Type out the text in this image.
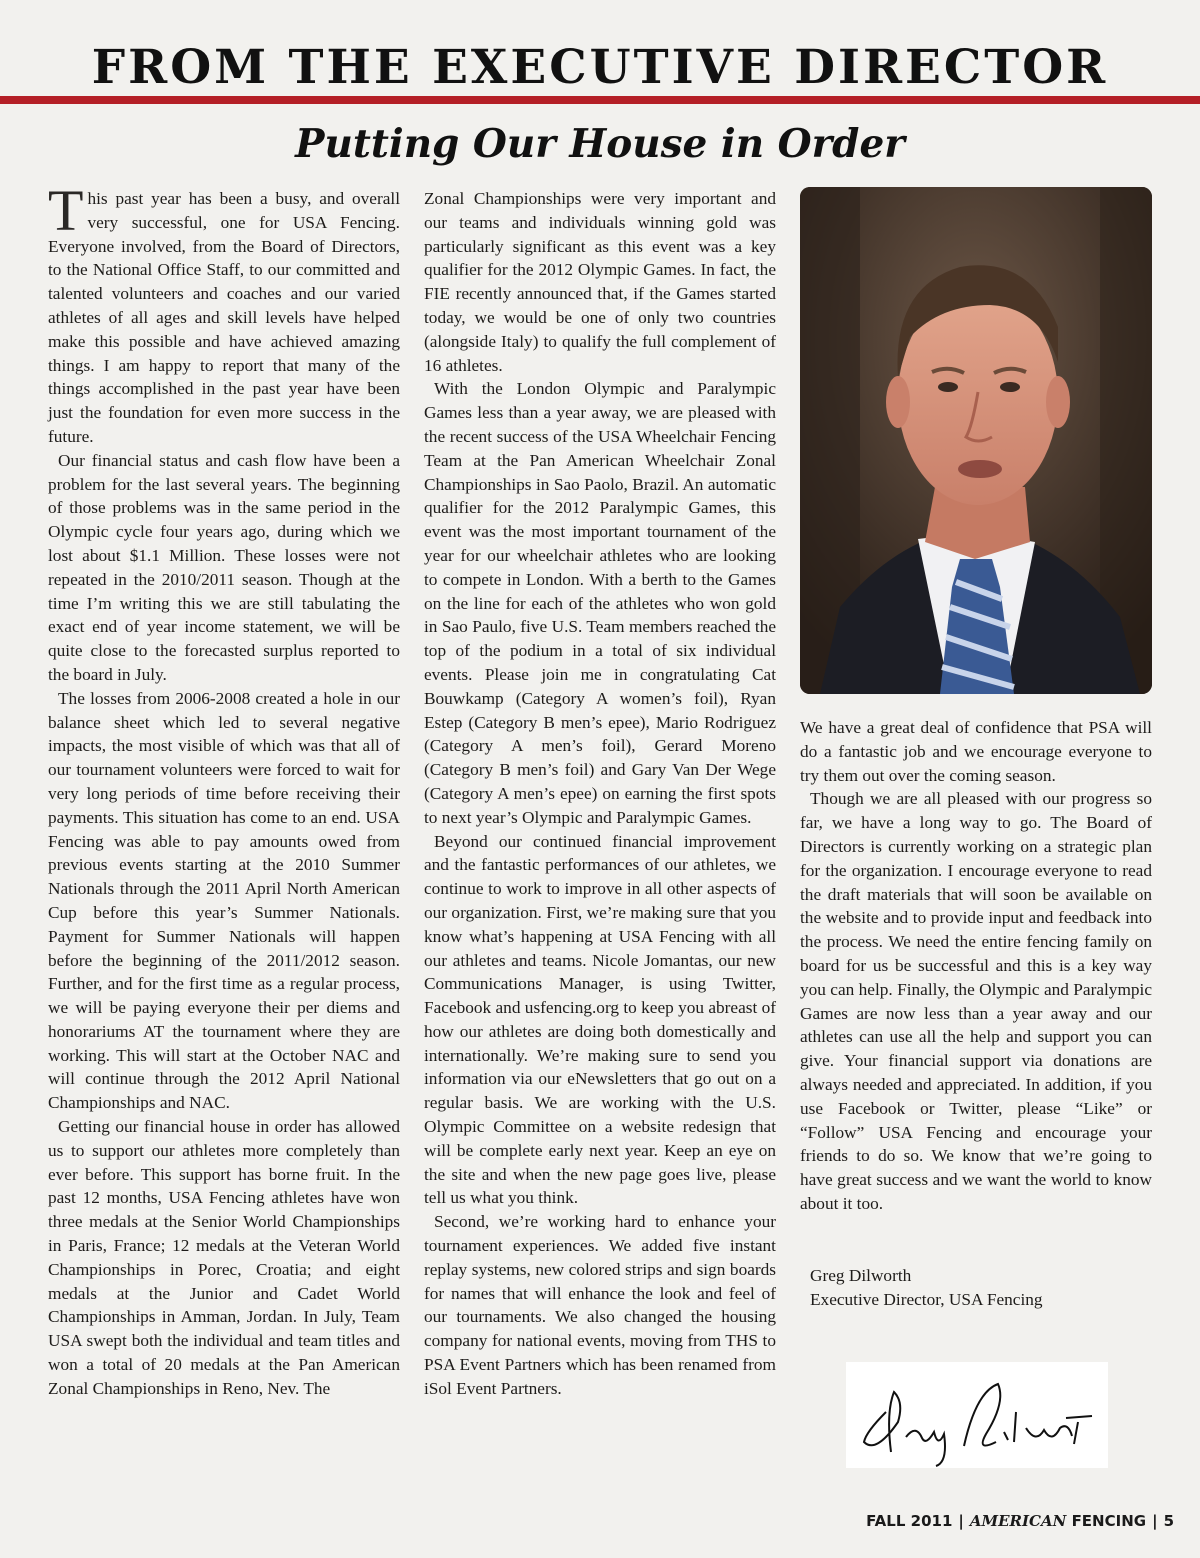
FROM THE EXECUTIVE DIRECTOR
Putting Our House in Order

This past year has been a busy, and overall very successful, one for USA Fencing. Everyone involved, from the Board of Directors, to the National Office Staff, to our committed and talented volunteers and coaches and our varied athletes of all ages and skill levels have helped make this possible and have achieved amazing things. I am happy to report that many of the things accomplished in the past year have been just the foundation for even more success in the future.

Our financial status and cash flow have been a problem for the last several years. The beginning of those problems was in the same period in the Olympic cycle four years ago, during which we lost about $1.1 Million. These losses were not repeated in the 2010/2011 season. Though at the time I’m writing this we are still tabulating the exact end of year income statement, we will be quite close to the forecasted surplus reported to the board in July.

The losses from 2006-2008 created a hole in our balance sheet which led to several negative impacts, the most visible of which was that all of our tournament volunteers were forced to wait for very long periods of time before receiving their payments. This situation has come to an end. USA Fencing was able to pay amounts owed from previous events starting at the 2010 Summer Nationals through the 2011 April North American Cup before this year’s Summer Nationals. Payment for Summer Nationals will happen before the beginning of the 2011/2012 season. Further, and for the first time as a regular process, we will be paying everyone their per diems and honorariums AT the tournament where they are working. This will start at the October NAC and will continue through the 2012 April National Championships and NAC.

Getting our financial house in order has allowed us to support our athletes more completely than ever before. This support has borne fruit. In the past 12 months, USA Fencing athletes have won three medals at the Senior World Championships in Paris, France; 12 medals at the Veteran World Championships in Porec, Croatia; and eight medals at the Junior and Cadet World Championships in Amman, Jordan. In July, Team USA swept both the individual and team titles and won a total of 20 medals at the Pan American Zonal Championships in Reno, Nev. The

Zonal Championships were very important and our teams and individuals winning gold was particularly significant as this event was a key qualifier for the 2012 Olympic Games. In fact, the FIE recently announced that, if the Games started today, we would be one of only two countries (alongside Italy) to qualify the full complement of 16 athletes.

With the London Olympic and Paralympic Games less than a year away, we are pleased with the recent success of the USA Wheelchair Fencing Team at the Pan American Wheelchair Zonal Championships in Sao Paolo, Brazil. An automatic qualifier for the 2012 Paralympic Games, this event was the most important tournament of the year for our wheelchair athletes who are looking to compete in London. With a berth to the Games on the line for each of the athletes who won gold in Sao Paulo, five U.S. Team members reached the top of the podium in a total of six individual events. Please join me in congratulating Cat Bouwkamp (Category A women’s foil), Ryan Estep (Category B men’s epee), Mario Rodriguez (Category A men’s foil), Gerard Moreno (Category B men’s foil) and Gary Van Der Wege (Category A men’s epee) on earning the first spots to next year’s Olympic and Paralympic Games.

Beyond our continued financial improvement and the fantastic performances of our athletes, we continue to work to improve in all other aspects of our organization. First, we’re making sure that you know what’s happening at USA Fencing with all our athletes and teams. Nicole Jomantas, our new Communications Manager, is using Twitter, Facebook and usfencing.org to keep you abreast of how our athletes are doing both domestically and internationally. We’re making sure to send you information via our eNewsletters that go out on a regular basis. We are working with the U.S. Olympic Committee on a website redesign that will be complete early next year. Keep an eye on the site and when the new page goes live, please tell us what you think.

Second, we’re working hard to enhance your tournament experiences. We added five instant replay systems, new colored strips and sign boards for names that will enhance the look and feel of our tournaments. We also changed the housing company for national events, moving from THS to PSA Event Partners which has been renamed from iSol Event Partners.

We have a great deal of confidence that PSA will do a fantastic job and we encourage everyone to try them out over the coming season.

Though we are all pleased with our progress so far, we have a long way to go. The Board of Directors is currently working on a strategic plan for the organization. I encourage everyone to read the draft materials that will soon be available on the website and to provide input and feedback into the process. We need the entire fencing family on board for us be successful and this is a key way you can help. Finally, the Olympic and Paralympic Games are now less than a year away and our athletes can use all the help and support you can give. Your financial support via donations are always needed and appreciated. In addition, if you use Facebook or Twitter, please “Like” or “Follow” USA Fencing and encourage your friends to do so. We know that we’re going to have great success and we want the world to know about it too.

Greg Dilworth
Executive Director, USA Fencing
FALL 2011 | AMERICAN FENCING | 5
